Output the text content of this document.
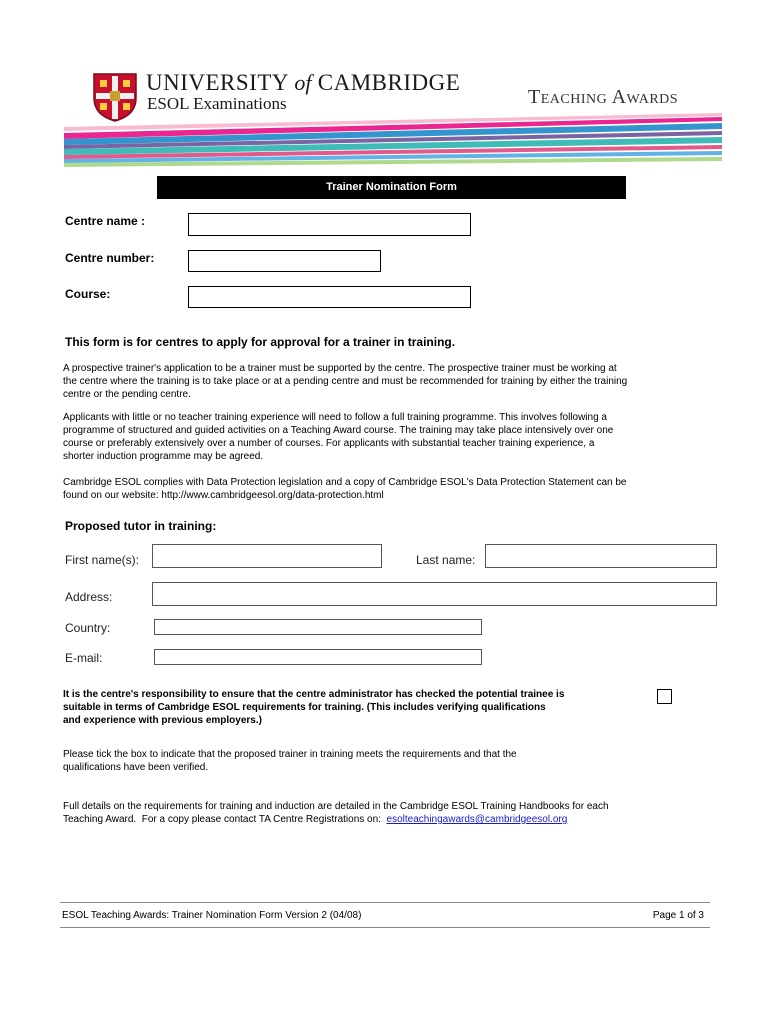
UNIVERSITY of CAMBRIDGE
ESOL Examinations	Teaching Awards
Trainer Nomination Form
Centre name :
Centre number:
Course:
This form is for centres to apply for approval for a trainer in training.
A prospective trainer's application to be a trainer must be supported by the centre. The prospective trainer must be working at
the centre where the training is to take place or at a pending centre and must be recommended for training by either the training
centre or the pending centre.
Applicants with little or no teacher training experience will need to follow a full training programme. This involves following a
programme of structured and guided activities on a Teaching Award course. The training may take place intensively over one
course or preferably extensively over a number of courses. For applicants with substantial teacher training experience, a
shorter induction programme may be agreed.
Cambridge ESOL complies with Data Protection legislation and a copy of Cambridge ESOL's Data Protection Statement can be
found on our website: http://www.cambridgeesol.org/data-protection.html
Proposed tutor in training:
First name(s):	Last name:
Address:
Country:
E-mail:
It is the centre's responsibility to ensure that the centre administrator has checked the potential trainee is
suitable in terms of Cambridge ESOL requirements for training. (This includes verifying qualifications
and experience with previous employers.)
Please tick the box to indicate that the proposed trainer in training meets the requirements and that the
qualifications have been verified.
Full details on the requirements for training and induction are detailed in the Cambridge ESOL Training Handbooks for each
Teaching Award.  For a copy please contact TA Centre Registrations on:  esolteachingawards@cambridgeesol.org
ESOL Teaching Awards: Trainer Nomination Form Version 2 (04/08)	Page 1 of 3
